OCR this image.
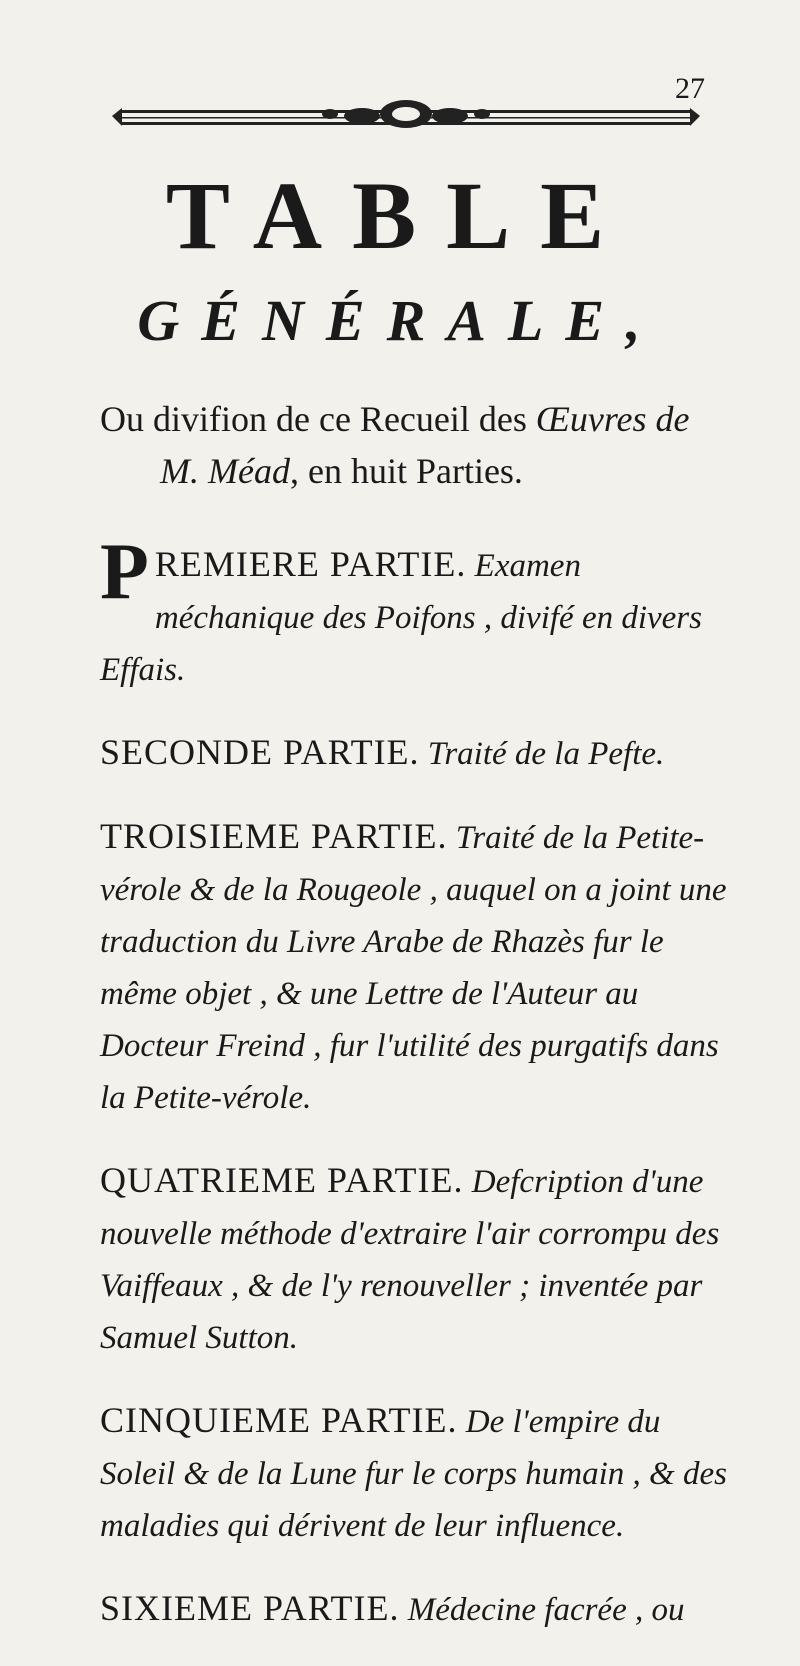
27
TABLE
GÉNÉRALE,
Ou divifion de ce Recueil des Œuvres de
M. Méad, en huit Parties.
P REMIERE PARTIE. Examen méchanique des Poifons , divifé en divers Effais.
SECONDE PARTIE. Traité de la Pefte.
TROISIEME PARTIE. Traité de la Petite-vérole & de la Rougeole , auquel on a joint une traduction du Livre Arabe de Rhazès fur le même objet , & une Lettre de l'Auteur au Docteur Freind , fur l'utilité des purgatifs dans la Petite-vérole.
QUATRIEME PARTIE. Defcription d'une nouvelle méthode d'extraire l'air corrompu des Vaiffeaux , & de l'y renouveller ; inventée par Samuel Sutton.
CINQUIEME PARTIE. De l'empire du Soleil & de la Lune fur le corps humain , & des maladies qui dérivent de leur influence.
SIXIEME PARTIE. Médecine facrée , ou
